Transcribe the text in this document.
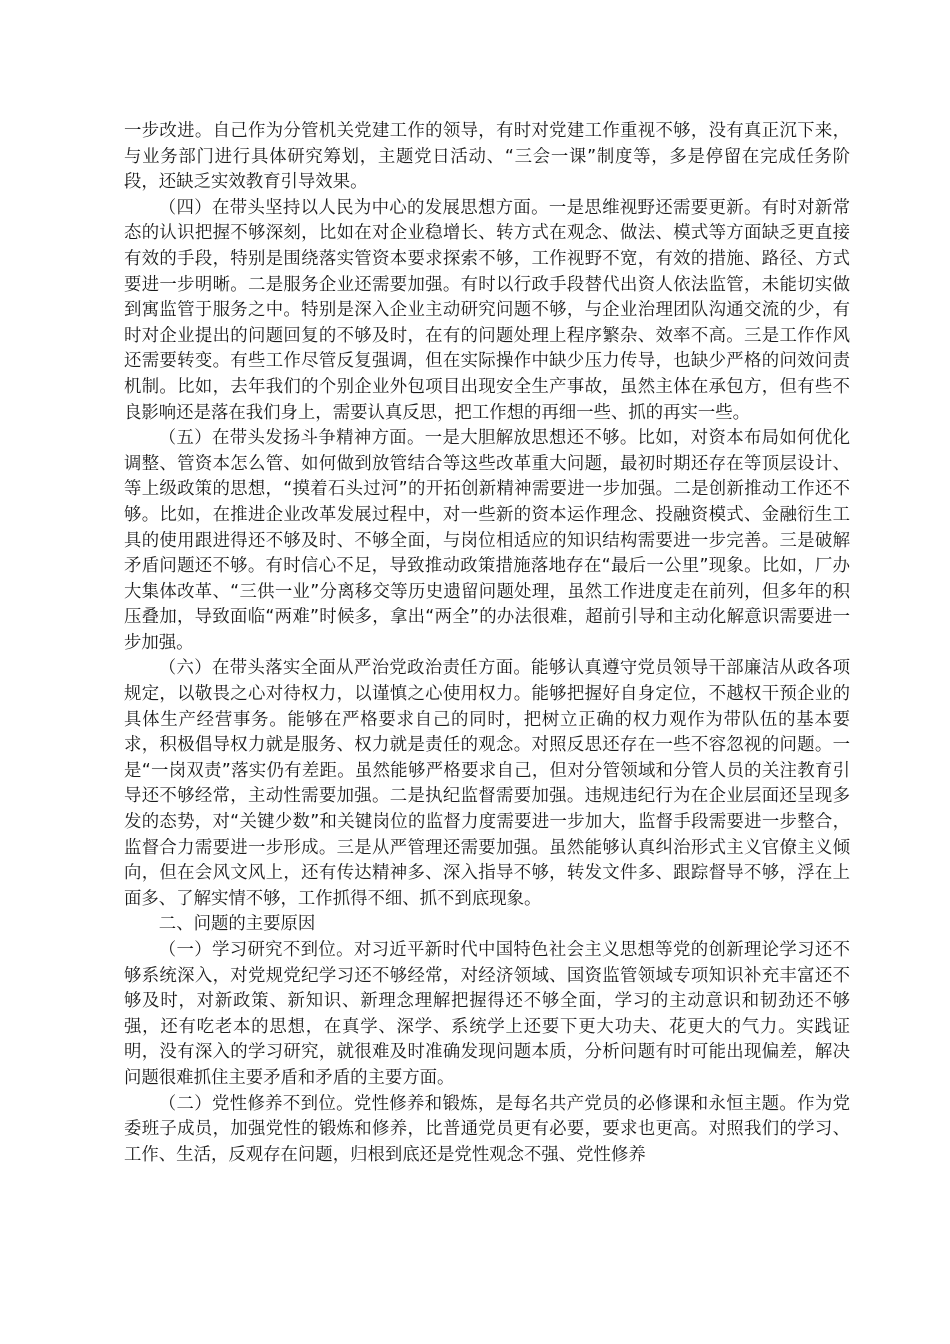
一步改进。自己作为分管机关党建工作的领导，有时对党建工作重视不够，没有真正沉下来，与业务部门进行具体研究筹划，主题党日活动、“三会一课”制度等，多是停留在完成任务阶段，还缺乏实效教育引导效果。

（四）在带头坚持以人民为中心的发展思想方面。一是思维视野还需要更新。有时对新常态的认识把握不够深刻，比如在对企业稳增长、转方式在观念、做法、模式等方面缺乏更直接有效的手段，特别是围绕落实管资本要求探索不够，工作视野不宽，有效的措施、路径、方式要进一步明晰。二是服务企业还需要加强。有时以行政手段替代出资人依法监管，未能切实做到寓监管于服务之中。特别是深入企业主动研究问题不够，与企业治理团队沟通交流的少，有时对企业提出的问题回复的不够及时，在有的问题处理上程序繁杂、效率不高。三是工作作风还需要转变。有些工作尽管反复强调，但在实际操作中缺少压力传导，也缺少严格的问效问责机制。比如，去年我们的个别企业外包项目出现安全生产事故，虽然主体在承包方，但有些不良影响还是落在我们身上，需要认真反思，把工作想的再细一些、抓的再实一些。

（五）在带头发扬斗争精神方面。一是大胆解放思想还不够。比如，对资本布局如何优化调整、管资本怎么管、如何做到放管结合等这些改革重大问题，最初时期还存在等顶层设计、等上级政策的思想，“摸着石头过河”的开拓创新精神需要进一步加强。二是创新推动工作还不够。比如，在推进企业改革发展过程中，对一些新的资本运作理念、投融资模式、金融衍生工具的使用跟进得还不够及时、不够全面，与岗位相适应的知识结构需要进一步完善。三是破解矛盾问题还不够。有时信心不足，导致推动政策措施落地存在“最后一公里”现象。比如，厂办大集体改革、“三供一业”分离移交等历史遗留问题处理，虽然工作进度走在前列，但多年的积压叠加，导致面临“两难”时候多，拿出“两全”的办法很难，超前引导和主动化解意识需要进一步加强。

（六）在带头落实全面从严治党政治责任方面。能够认真遵守党员领导干部廉洁从政各项规定，以敬畏之心对待权力，以谨慎之心使用权力。能够把握好自身定位，不越权干预企业的具体生产经营事务。能够在严格要求自己的同时，把树立正确的权力观作为带队伍的基本要求，积极倡导权力就是服务、权力就是责任的观念。对照反思还存在一些不容忽视的问题。一是“一岗双责”落实仍有差距。虽然能够严格要求自己，但对分管领域和分管人员的关注教育引导还不够经常，主动性需要加强。二是执纪监督需要加强。违规违纪行为在企业层面还呈现多发的态势，对“关键少数”和关键岗位的监督力度需要进一步加大，监督手段需要进一步整合，监督合力需要进一步形成。三是从严管理还需要加强。虽然能够认真纠治形式主义官僚主义倾向，但在会风文风上，还有传达精神多、深入指导不够，转发文件多、跟踪督导不够，浮在上面多、了解实情不够，工作抓得不细、抓不到底现象。

二、问题的主要原因

（一）学习研究不到位。对习近平新时代中国特色社会主义思想等党的创新理论学习还不够系统深入，对党规党纪学习还不够经常，对经济领域、国资监管领域专项知识补充丰富还不够及时，对新政策、新知识、新理念理解把握得还不够全面，学习的主动意识和韧劲还不够强，还有吃老本的思想，在真学、深学、系统学上还要下更大功夫、花更大的气力。实践证明，没有深入的学习研究，就很难及时准确发现问题本质，分析问题有时可能出现偏差，解决问题很难抓住主要矛盾和矛盾的主要方面。

（二）党性修养不到位。党性修养和锻炼，是每名共产党员的必修课和永恒主题。作为党委班子成员，加强党性的锻炼和修养，比普通党员更有必要，要求也更高。对照我们的学习、工作、生活，反观存在问题，归根到底还是党性观念不强、党性修养
